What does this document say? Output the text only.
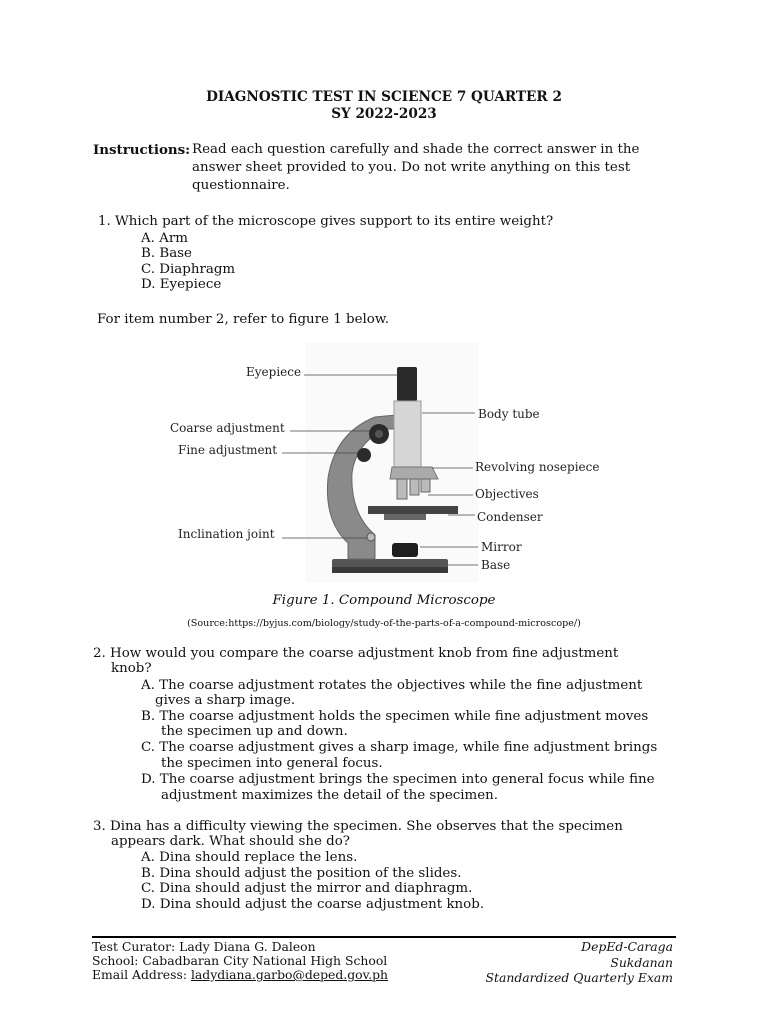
DIAGNOSTIC TEST IN SCIENCE 7 QUARTER 2
SY 2022-2023
Instructions: Read each question carefully and shade the correct answer in the
answer sheet provided to you. Do not write anything on this test
questionnaire.
1. Which part of the microscope gives support to its entire weight?
A. Arm
B. Base
C. Diaphragm
D. Eyepiece
For item number 2, refer to figure 1 below.
Eyepiece
Coarse adjustment
Fine adjustment
Inclination joint
Body tube
Revolving nosepiece
Objectives
Condenser
Mirror
Base
Figure 1. Compound Microscope
(Source:https://byjus.com/biology/study-of-the-parts-of-a-compound-microscope/)
2. How would you compare the coarse adjustment knob from fine adjustment
knob?
A. The coarse adjustment rotates the objectives while the fine adjustment
gives a sharp image.
B. The coarse adjustment holds the specimen while fine adjustment moves
the specimen up and down.
C. The coarse adjustment gives a sharp image, while fine adjustment brings
the specimen into general focus.
D. The coarse adjustment brings the specimen into general focus while fine
adjustment maximizes the detail of the specimen.
3. Dina has a difficulty viewing the specimen. She observes that the specimen
appears dark. What should she do?
A. Dina should replace the lens.
B. Dina should adjust the position of the slides.
C. Dina should adjust the mirror and diaphragm.
D. Dina should adjust the coarse adjustment knob.
Test Curator: Lady Diana G. Daleon
School: Cabadbaran City National High School
Email Address: ladydiana.garbo@deped.gov.ph
DepEd-Caraga
Sukdanan
Standardized Quarterly Exam
